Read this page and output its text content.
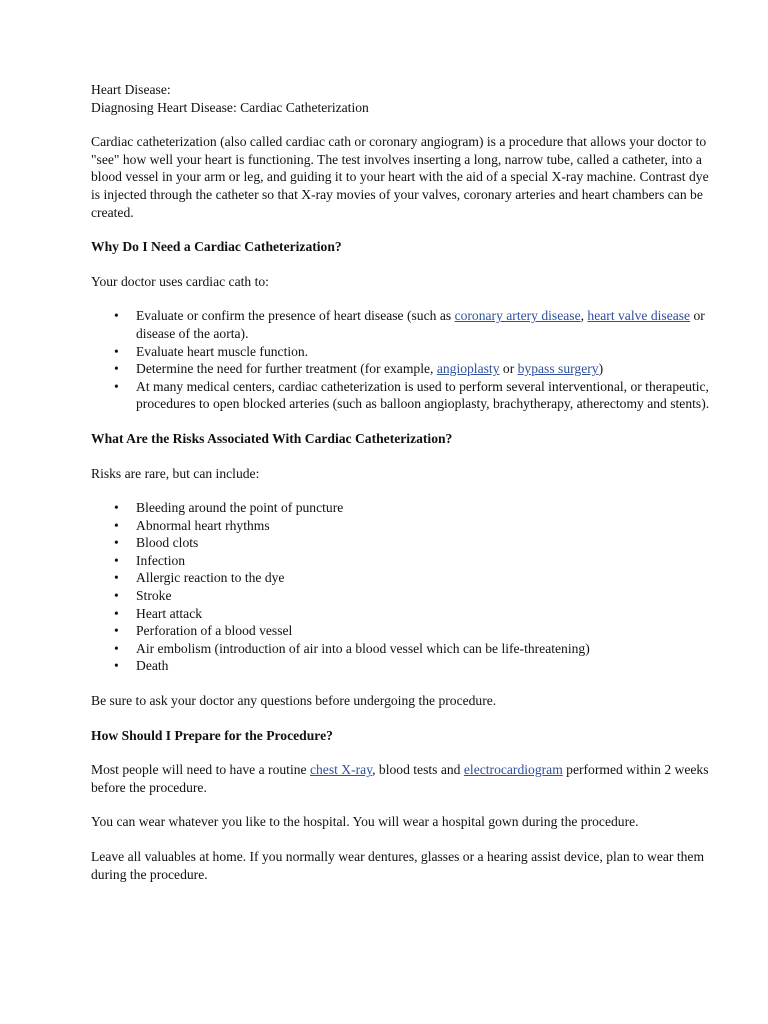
Heart Disease:

Diagnosing Heart Disease: Cardiac Catheterization

Cardiac catheterization (also called cardiac cath or coronary angiogram) is a procedure that allows your doctor to "see" how well your heart is functioning. The test involves inserting a long, narrow tube, called a catheter, into a blood vessel in your arm or leg, and guiding it to your heart with the aid of a special X-ray machine. Contrast dye is injected through the catheter so that X-ray movies of your valves, coronary arteries and heart chambers can be created.

Why Do I Need a Cardiac Catheterization?

Your doctor uses cardiac cath to:

• Evaluate or confirm the presence of heart disease (such as coronary artery disease, heart valve disease or disease of the aorta).
• Evaluate heart muscle function.
• Determine the need for further treatment (for example, angioplasty or bypass surgery)
• At many medical centers, cardiac catheterization is used to perform several interventional, or therapeutic, procedures to open blocked arteries (such as balloon angioplasty, brachytherapy, atherectomy and stents).
What Are the Risks Associated With Cardiac Catheterization?

Risks are rare, but can include:

• Bleeding around the point of puncture
• Abnormal heart rhythms
• Blood clots
• Infection
• Allergic reaction to the dye
• Stroke
• Heart attack
• Perforation of a blood vessel
• Air embolism (introduction of air into a blood vessel which can be life-threatening)
• Death

Be sure to ask your doctor any questions before undergoing the procedure.

How Should I Prepare for the Procedure?

Most people will need to have a routine chest X-ray, blood tests and electrocardiogram performed within 2 weeks before the procedure.

You can wear whatever you like to the hospital. You will wear a hospital gown during the procedure.

Leave all valuables at home. If you normally wear dentures, glasses or a hearing assist device, plan to wear them during the procedure.
